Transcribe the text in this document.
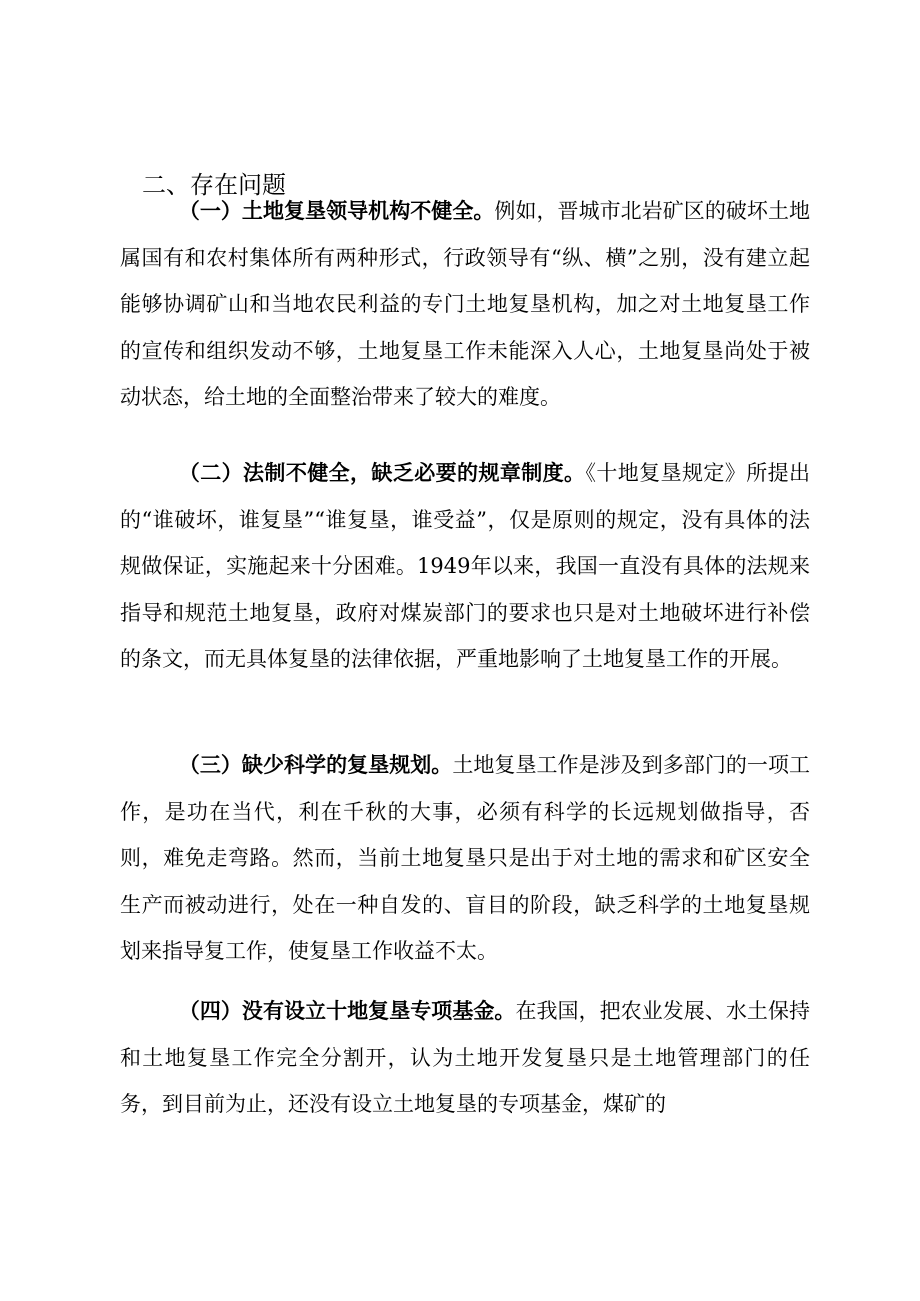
二、存在问题

（一）土地复垦领导机构不健全。例如，晋城市北岩矿区的破坏土地属国有和农村集体所有两种形式，行政领导有“纵、横”之别，没有建立起能够协调矿山和当地农民利益的专门土地复垦机构，加之对土地复垦工作的宣传和组织发动不够，土地复垦工作未能深入人心，土地复垦尚处于被动状态，给土地的全面整治带来了较大的难度。

（二）法制不健全，缺乏必要的规章制度。《十地复垦规定》所提出的“谁破坏，谁复垦”“谁复垦，谁受益”，仅是原则的规定，没有具体的法规做保证，实施起来十分困难。1949年以来，我国一直没有具体的法规来指导和规范土地复垦，政府对煤炭部门的要求也只是对土地破坏进行补偿的条文，而无具体复垦的法律依据，严重地影响了土地复垦工作的开展。

（三）缺少科学的复垦规划。土地复垦工作是涉及到多部门的一项工作，是功在当代，利在千秋的大事，必须有科学的长远规划做指导，否则，难免走弯路。然而，当前土地复垦只是出于对土地的需求和矿区安全生产而被动进行，处在一种自发的、盲目的阶段，缺乏科学的土地复垦规划来指导复工作，使复垦工作收益不太。

（四）没有设立十地复垦专项基金。在我国，把农业发展、水土保持和土地复垦工作完全分割开，认为土地开发复垦只是土地管理部门的任务，到目前为止，还没有设立土地复垦的专项基金，煤矿的
